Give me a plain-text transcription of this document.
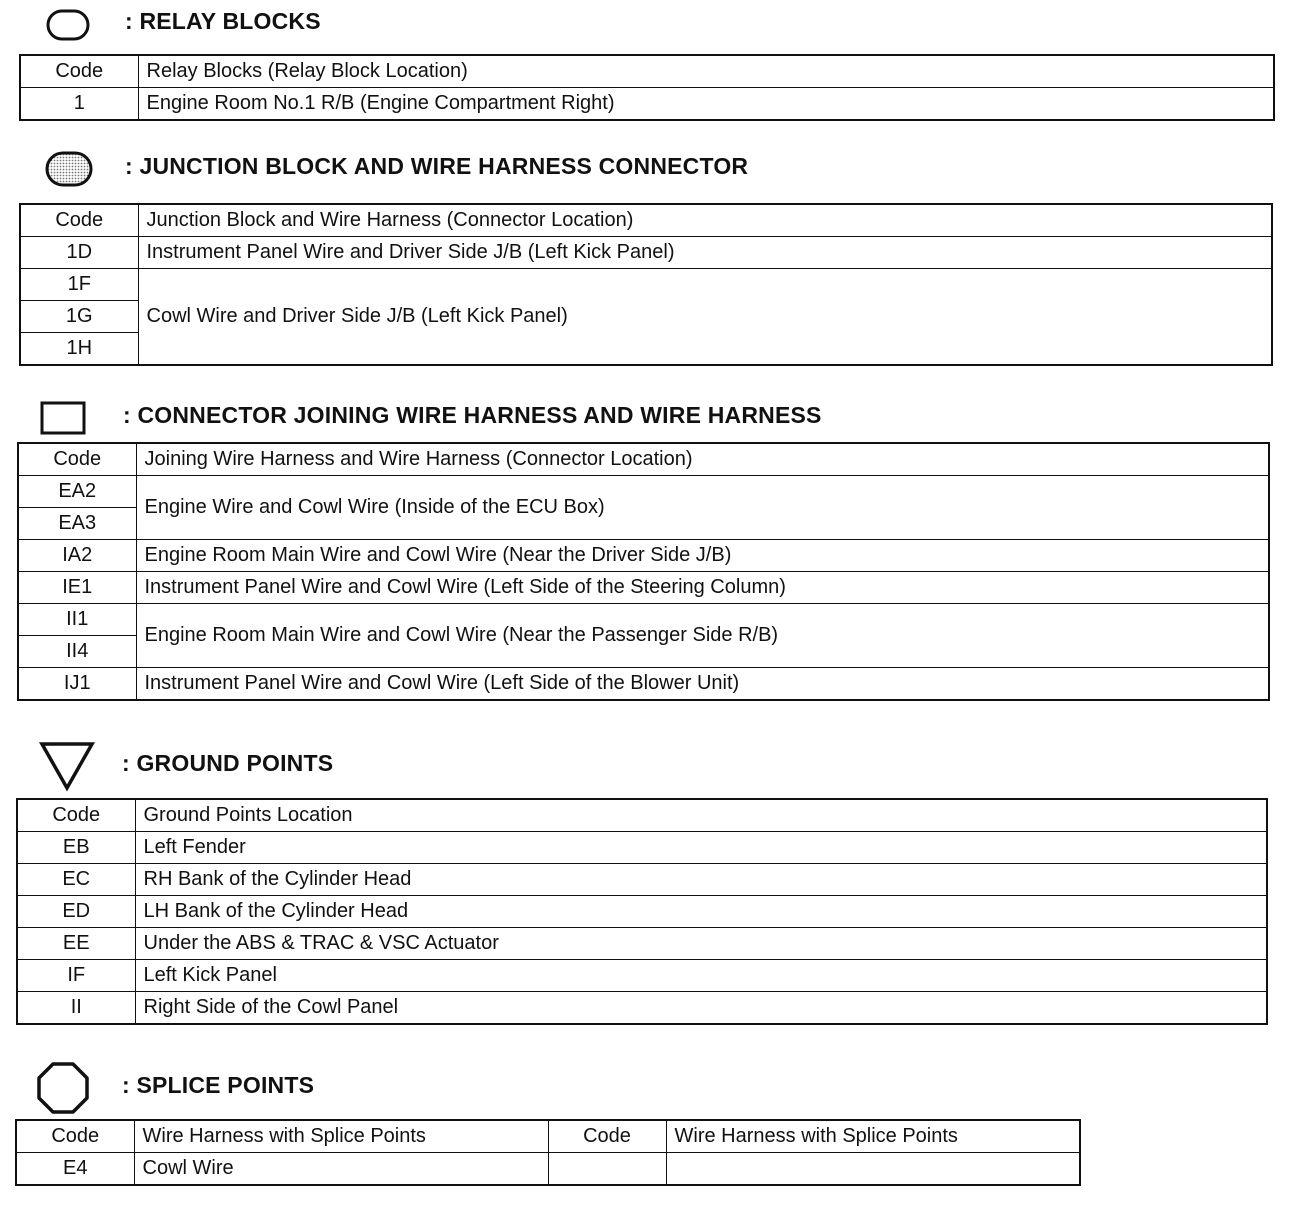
: RELAY BLOCKS
Code	Relay Blocks (Relay Block Location)
1	Engine Room No.1 R/B (Engine Compartment Right)
: JUNCTION BLOCK AND WIRE HARNESS CONNECTOR
Code	Junction Block and Wire Harness (Connector Location)
1D	Instrument Panel Wire and Driver Side J/B (Left Kick Panel)
1F	Cowl Wire and Driver Side J/B (Left Kick Panel)
1G	
1H	
: CONNECTOR JOINING WIRE HARNESS AND WIRE HARNESS
Code	Joining Wire Harness and Wire Harness (Connector Location)
EA2	Engine Wire and Cowl Wire (Inside of the ECU Box)
EA3	
IA2	Engine Room Main Wire and Cowl Wire (Near the Driver Side J/B)
IE1	Instrument Panel Wire and Cowl Wire (Left Side of the Steering Column)
II1	Engine Room Main Wire and Cowl Wire (Near the Passenger Side R/B)
II4	
IJ1	Instrument Panel Wire and Cowl Wire (Left Side of the Blower Unit)
: GROUND POINTS
Code	Ground Points Location
EB	Left Fender
EC	RH Bank of the Cylinder Head
ED	LH Bank of the Cylinder Head
EE	Under the ABS & TRAC & VSC Actuator
IF	Left Kick Panel
II	Right Side of the Cowl Panel
: SPLICE POINTS
Code	Wire Harness with Splice Points	Code	Wire Harness with Splice Points
E4	Cowl Wire		
